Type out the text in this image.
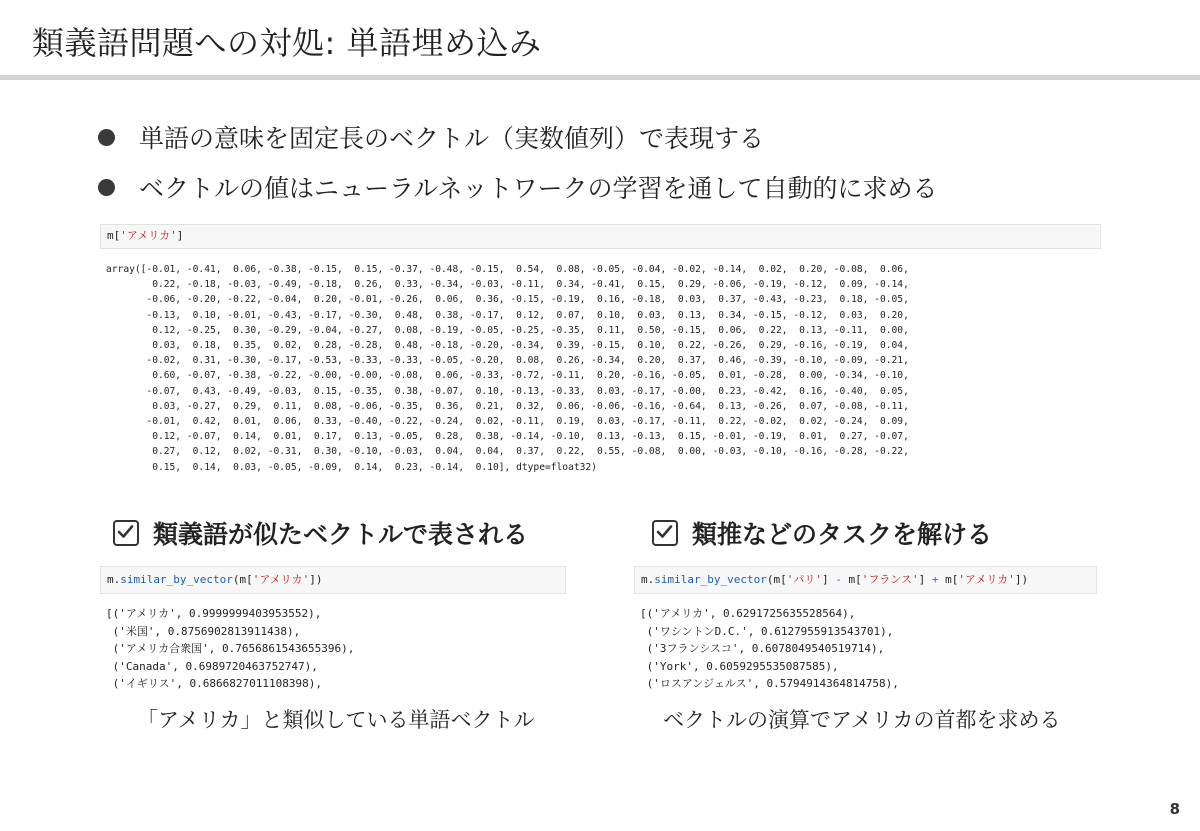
類義語問題への対処: 単語埋め込み
単語の意味を固定長のベクトル（実数値列）で表現する
ベクトルの値はニューラルネットワークの学習を通して自動的に求める
m['アメリカ']
array([-0.01, -0.41,  0.06, -0.38, -0.15,  0.15, -0.37, -0.48, -0.15,  0.54,  0.08, -0.05, -0.04, -0.02, -0.14,  0.02,  0.20, -0.08,  0.06,
0.22, -0.18, -0.03, -0.49, -0.18,  0.26,  0.33, -0.34, -0.03, -0.11,  0.34, -0.41,  0.15,  0.29, -0.06, -0.19, -0.12,  0.09, -0.14,
-0.06, -0.20, -0.22, -0.04,  0.20, -0.01, -0.26,  0.06,  0.36, -0.15, -0.19,  0.16, -0.18,  0.03,  0.37, -0.43, -0.23,  0.18, -0.05,
-0.13,  0.10, -0.01, -0.43, -0.17, -0.30,  0.48,  0.38, -0.17,  0.12,  0.07,  0.10,  0.03,  0.13,  0.34, -0.15, -0.12,  0.03,  0.20,
0.12, -0.25,  0.30, -0.29, -0.04, -0.27,  0.08, -0.19, -0.05, -0.25, -0.35,  0.11,  0.50, -0.15,  0.06,  0.22,  0.13, -0.11,  0.00,
0.03,  0.18,  0.35,  0.02,  0.28, -0.28,  0.48, -0.18, -0.20, -0.34,  0.39, -0.15,  0.10,  0.22, -0.26,  0.29, -0.16, -0.19,  0.04,
-0.02,  0.31, -0.30, -0.17, -0.53, -0.33, -0.33, -0.05, -0.20,  0.08,  0.26, -0.34,  0.20,  0.37,  0.46, -0.39, -0.10, -0.09, -0.21,
0.60, -0.07, -0.38, -0.22, -0.00, -0.00, -0.08,  0.06, -0.33, -0.72, -0.11,  0.20, -0.16, -0.05,  0.01, -0.28,  0.00, -0.34, -0.10,
-0.07,  0.43, -0.49, -0.03,  0.15, -0.35,  0.38, -0.07,  0.10, -0.13, -0.33,  0.03, -0.17, -0.00,  0.23, -0.42,  0.16, -0.40,  0.05,
0.03, -0.27,  0.29,  0.11,  0.08, -0.06, -0.35,  0.36,  0.21,  0.32,  0.06, -0.06, -0.16, -0.64,  0.13, -0.26,  0.07, -0.08, -0.11,
-0.01,  0.42,  0.01,  0.06,  0.33, -0.40, -0.22, -0.24,  0.02, -0.11,  0.19,  0.03, -0.17, -0.11,  0.22, -0.02,  0.02, -0.24,  0.09,
0.12, -0.07,  0.14,  0.01,  0.17,  0.13, -0.05,  0.28,  0.38, -0.14, -0.10,  0.13, -0.13,  0.15, -0.01, -0.19,  0.01,  0.27, -0.07,
0.27,  0.12,  0.02, -0.31,  0.30, -0.10, -0.03,  0.04,  0.04,  0.37,  0.22,  0.55, -0.08,  0.00, -0.03, -0.10, -0.16, -0.28, -0.22,
0.15,  0.14,  0.03, -0.05, -0.09,  0.14,  0.23, -0.14,  0.10], dtype=float32)
類義語が似たベクトルで表される
m.similar_by_vector(m['アメリカ'])
[('アメリカ', 0.9999999403953552),
('米国', 0.8756902813911438),
('アメリカ合衆国', 0.7656861543655396),
('Canada', 0.6989720463752747),
('イギリス', 0.6866827011108398),
「アメリカ」と類似している単語ベクトル
類推などのタスクを解ける
m.similar_by_vector(m['パリ'] - m['フランス'] + m['アメリカ'])
[('アメリカ', 0.6291725635528564),
('ワシントンD.C.', 0.6127955913543701),
('3フランシスコ', 0.6078049540519714),
('York', 0.6059295535087585),
('ロスアンジェルス', 0.5794914364814758),
ベクトルの演算でアメリカの首都を求める
8
